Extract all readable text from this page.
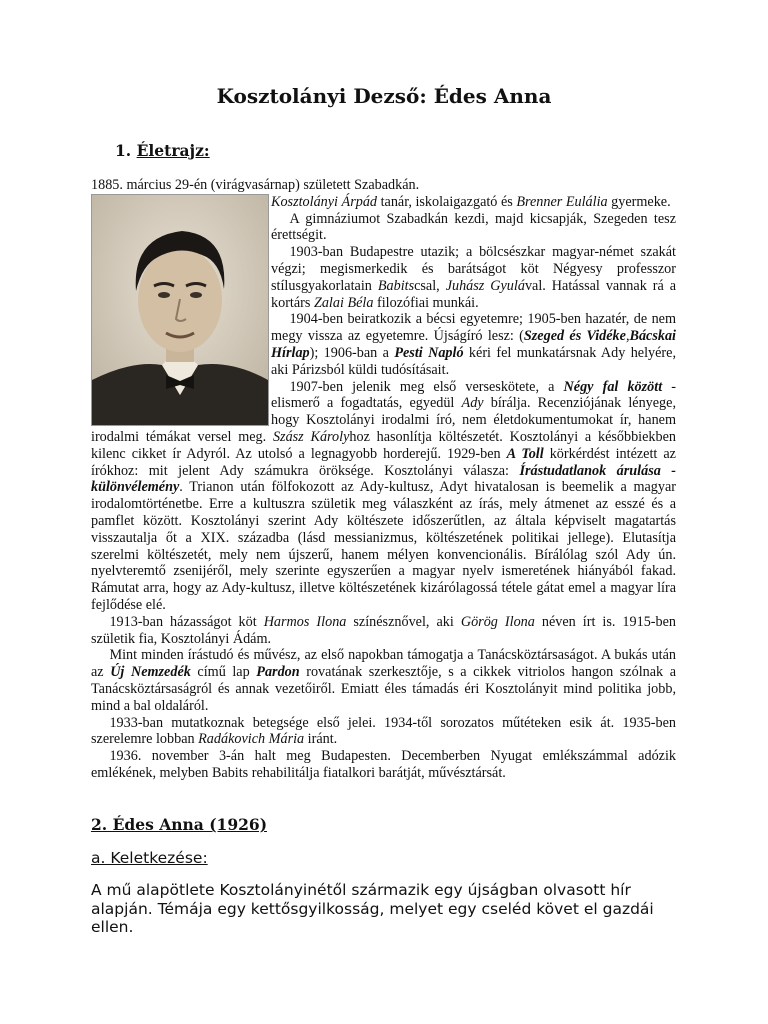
Kosztolányi Dezső: Édes Anna
1. Életrajz:

1885. március 29-én (virágvasárnap) született Szabadkán.

Kosztolányi Árpád tanár, iskolaigazgató és Brenner Eulália gyermeke.

A gimnáziumot Szabadkán kezdi, majd kicsapják, Szegeden tesz érettségit.

1903-ban Budapestre utazik; a bölcsészkar magyar-német szakát végzi; megismerkedik és barátságot köt Négyesy professzor stílusgyakorlatain Babitscsal, Juhász Gyulával. Hatással vannak rá a kortárs Zalai Béla filozófiai munkái.

1904-ben beiratkozik a bécsi egyetemre; 1905-ben hazatér, de nem megy vissza az egyetemre. Újságíró lesz: (Szeged és Vidéke,Bácskai Hírlap); 1906-ban a Pesti Napló kéri fel munkatársnak Ady helyére, aki Párizsból küldi tudósításait.

1907-ben jelenik meg első verseskötete, a Négy fal között - elismerő a fogadtatás, egyedül Ady bírálja. Recenziójának lényege, hogy Kosztolányi irodalmi író, nem életdokumentumokat ír, hanem irodalmi témákat versel meg. Szász Károlyhoz hasonlítja költészetét. Kosztolányi a későbbiekben kilenc cikket ír Adyról. Az utolsó a legnagyobb horderejű. 1929-ben A Toll körkérdést intézett az írókhoz: mit jelent Ady számukra öröksége. Kosztolányi válasza: Írástudatlanok árulása - különvélemény. Trianon után fölfokozott az Ady-kultusz, Adyt hivatalosan is beemelik a magyar irodalomtörténetbe. Erre a kultuszra születik meg válaszként az írás, mely átmenet az esszé és a pamflet között. Kosztolányi szerint Ady költészete időszerűtlen, az általa képviselt magatartás visszautalja őt a XIX. századba (lásd messianizmus, költészetének politikai jellege). Elutasítja szerelmi költészetét, mely nem újszerű, hanem mélyen konvencionális. Bírálólag szól Ady ún. nyelvteremtő zsenijéről, mely szerinte egyszerűen a magyar nyelv ismeretének hiányából fakad. Rámutat arra, hogy az Ady-kultusz, illetve költészetének kizárólagossá tétele gátat emel a magyar líra fejlődése elé.

1913-ban házasságot köt Harmos Ilona színésznővel, aki Görög Ilona néven írt is. 1915-ben születik fia, Kosztolányi Ádám.

Mint minden írástudó és művész, az első napokban támogatja a Tanácsköztársaságot. A bukás után az Új Nemzedék című lap Pardon rovatának szerkesztője, s a cikkek vitriolos hangon szólnak a Tanácsköztársaságról és annak vezetőiről. Emiatt éles támadás éri Kosztolányit mind politika jobb, mind a bal oldaláról.

1933-ban mutatkoznak betegsége első jelei. 1934-től sorozatos műtéteken esik át. 1935-ben szerelemre lobban Radákovich Mária iránt.

1936. november 3-án halt meg Budapesten. Decemberben Nyugat emlékszámmal adózik emlékének, melyben Babits rehabilitálja fiatalkori barátját, művésztársát.

2. Édes Anna (1926)
a. Keletkezése:
A mű alapötlete Kosztolányinétől származik egy újságban olvasott hír alapján. Témája egy kettősgyilkosság, melyet egy cseléd követ el gazdái ellen.
